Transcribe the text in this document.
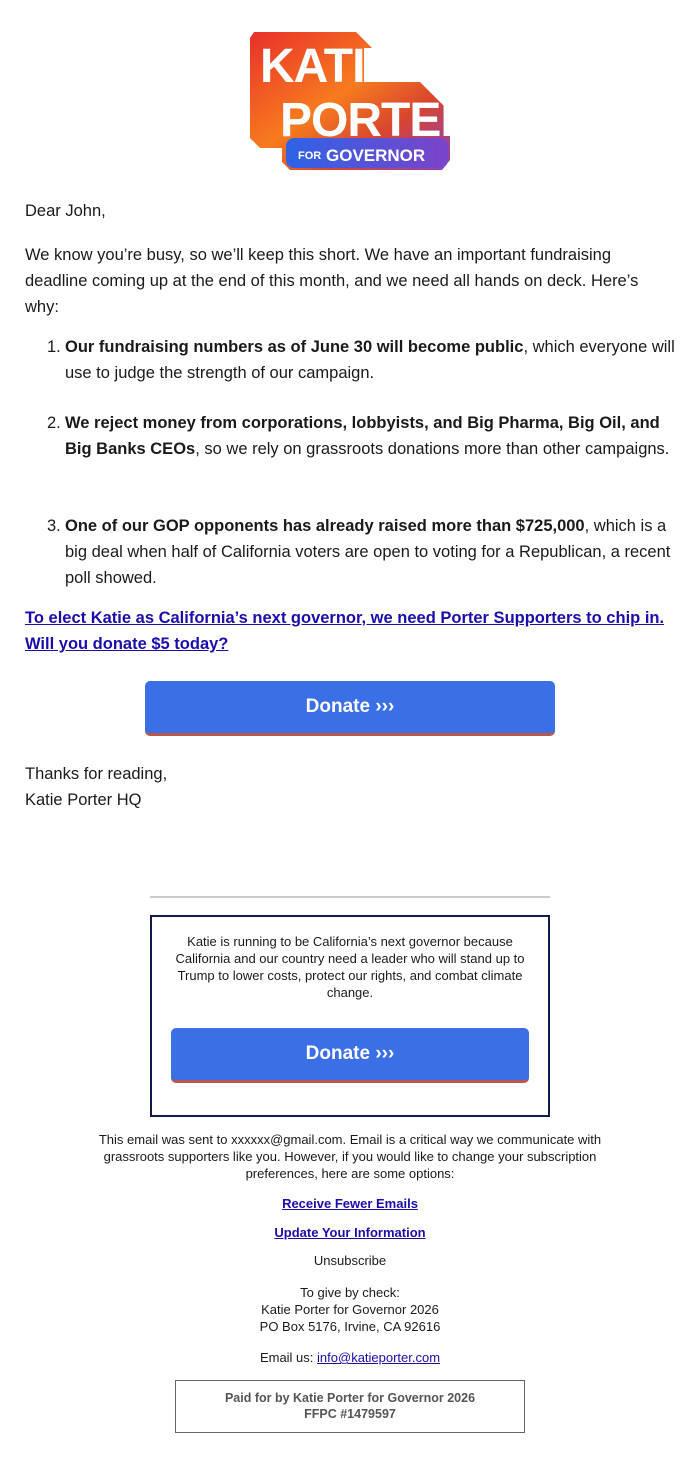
KATIE
PORTER
FOR GOVERNOR
Dear John,
We know you’re busy, so we’ll keep this short. We have an important fundraising deadline coming up at the end of this month, and we need all hands on deck. Here’s why:
1. Our fundraising numbers as of June 30 will become public, which everyone will use to judge the strength of our campaign.
2. We reject money from corporations, lobbyists, and Big Pharma, Big Oil, and Big Banks CEOs, so we rely on grassroots donations more than other campaigns.
3. One of our GOP opponents has already raised more than $725,000, which is a big deal when half of California voters are open to voting for a Republican, a recent poll showed.
To elect Katie as California’s next governor, we need Porter Supporters to chip in. Will you donate $5 today?
Donate ›››
Thanks for reading,
Katie Porter HQ
Katie is running to be California’s next governor because California and our country need a leader who will stand up to Trump to lower costs, protect our rights, and combat climate change.
Donate ›››
This email was sent to xxxxxx@gmail.com. Email is a critical way we communicate with grassroots supporters like you. However, if you would like to change your subscription preferences, here are some options:
Receive Fewer Emails
Update Your Information
Unsubscribe
To give by check:
Katie Porter for Governor 2026
PO Box 5176, Irvine, CA 92616
Email us: info@katieporter.com
Paid for by Katie Porter for Governor 2026
FFPC #1479597
